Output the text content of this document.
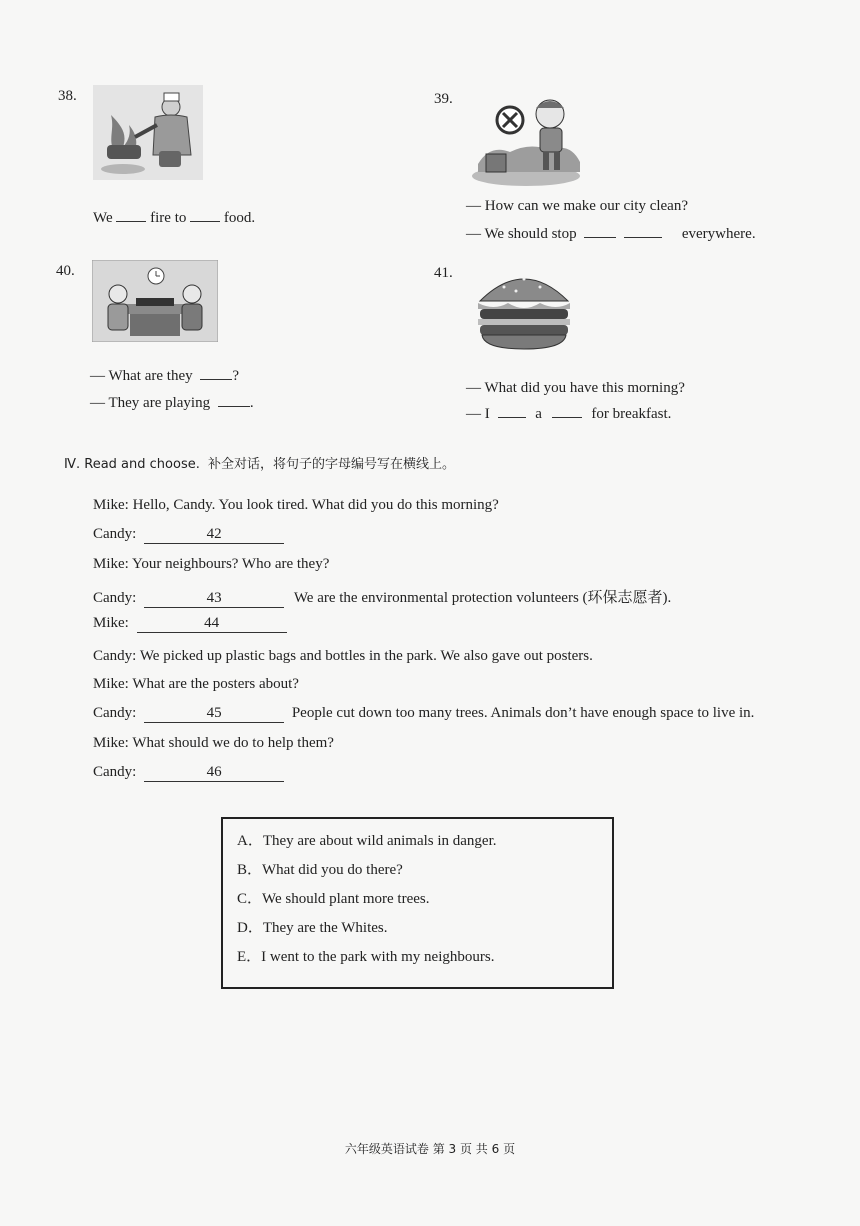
38.
We	fire to	food.
39.
— How can we make our city clean?
— We should stop	everywhere.
40.
— What are they	?
— They are playing	.
41.
— What did you have this morning?
— I	a	for breakfast.
Ⅳ. Read and choose. 补全对话，将句子的字母编号写在横线上。
Mike: Hello, Candy. You look tired. What did you do this morning?
Candy:	42
Mike: Your neighbours? Who are they?
Candy:	43	We are the environmental protection volunteers (环保志愿者).
Mike:	44
Candy: We picked up plastic bags and bottles in the park. We also gave out posters.
Mike: What are the posters about?
Candy:	45	People cut down too many trees. Animals don’t have enough space to live in.
Mike: What should we do to help them?
Candy:	46
A．They are about wild animals in danger.
B．What did you do there?
C．We should plant more trees.
D．They are the Whites.
E．I went to the park with my neighbours.
六年级英语试卷 第 3 页 共 6 页
